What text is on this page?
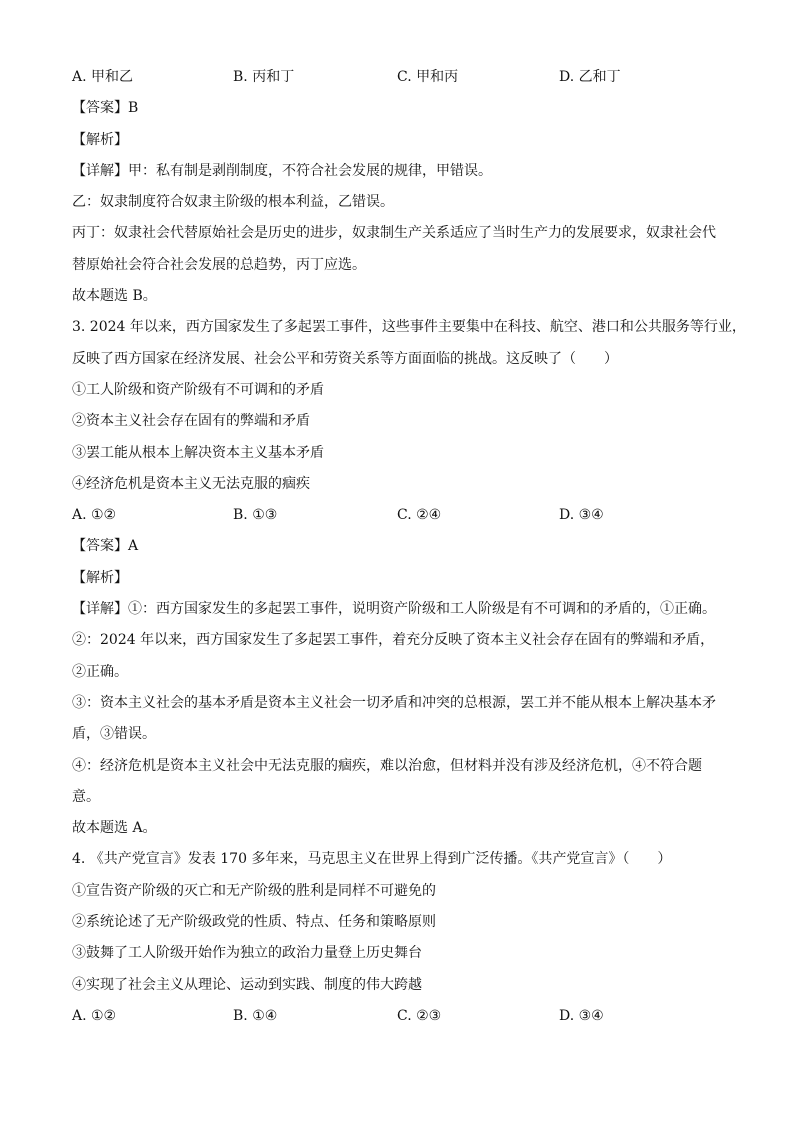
A. 甲和乙	B. 丙和丁	C. 甲和丙	D. 乙和丁
【答案】B
【解析】
【详解】甲：私有制是剥削制度，不符合社会发展的规律，甲错误。
乙：奴隶制度符合奴隶主阶级的根本利益，乙错误。
丙丁：奴隶社会代替原始社会是历史的进步，奴隶制生产关系适应了当时生产力的发展要求，奴隶社会代
替原始社会符合社会发展的总趋势，丙丁应选。
故本题选 B。
3. 2024 年以来，西方国家发生了多起罢工事件，这些事件主要集中在科技、航空、港口和公共服务等行业，
反映了西方国家在经济发展、社会公平和劳资关系等方面面临的挑战。这反映了（　　）
①工人阶级和资产阶级有不可调和的矛盾
②资本主义社会存在固有的弊端和矛盾
③罢工能从根本上解决资本主义基本矛盾
④经济危机是资本主义无法克服的痼疾
A. ①②	B. ①③	C. ②④	D. ③④
【答案】A
【解析】
【详解】①：西方国家发生的多起罢工事件，说明资产阶级和工人阶级是有不可调和的矛盾的，①正确。
②：2024 年以来，西方国家发生了多起罢工事件，着充分反映了资本主义社会存在固有的弊端和矛盾，
②正确。
③：资本主义社会的基本矛盾是资本主义社会一切矛盾和冲突的总根源，罢工并不能从根本上解决基本矛
盾，③错误。
④：经济危机是资本主义社会中无法克服的痼疾，难以治愈，但材料并没有涉及经济危机，④不符合题
意。
故本题选 A。
4. 《共产党宣言》发表 170 多年来，马克思主义在世界上得到广泛传播。《共产党宣言》（　　）
①宣告资产阶级的灭亡和无产阶级的胜利是同样不可避免的
②系统论述了无产阶级政党的性质、特点、任务和策略原则
③鼓舞了工人阶级开始作为独立的政治力量登上历史舞台
④实现了社会主义从理论、运动到实践、制度的伟大跨越
A. ①②	B. ①④	C. ②③	D. ③④
